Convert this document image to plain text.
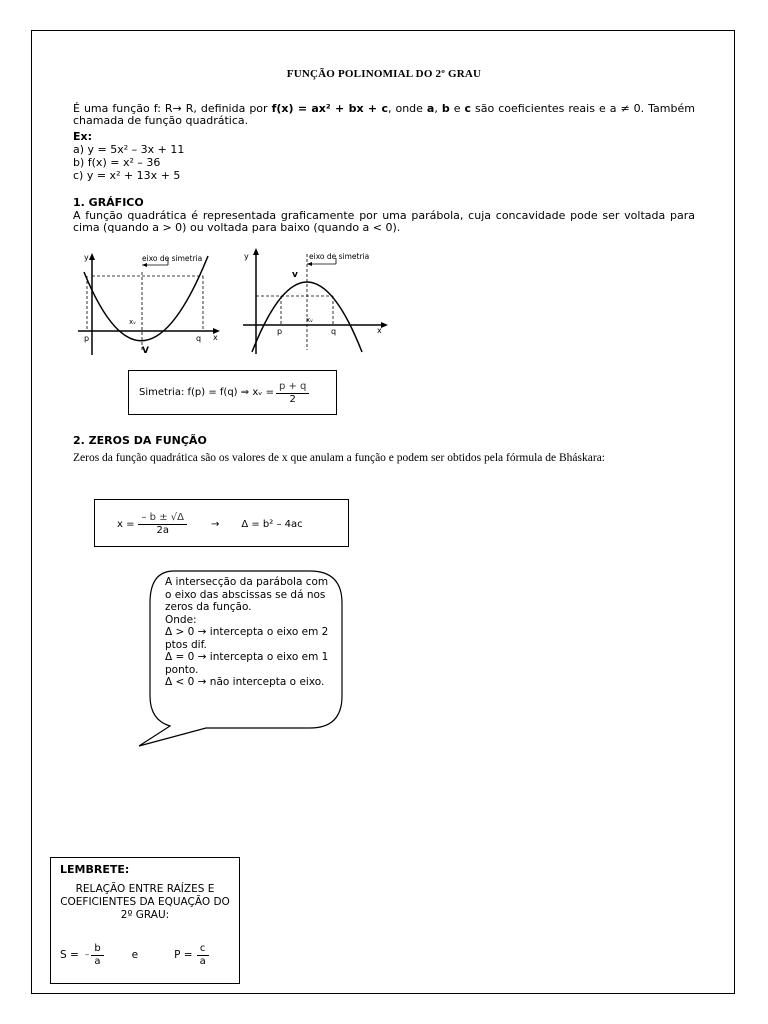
FUNÇÃO POLINOMIAL DO 2º GRAU
É uma função f: R→ R, definida por f(x) = ax² + bx + c, onde a, b e c são coeficientes reais e a ≠ 0. Também chamada de função quadrática.
Ex:
a) y = 5x² – 3x + 11
b) f(x) = x² – 36
c) y = x² + 13x + 5
1. GRÁFICO
A função quadrática é representada graficamente por uma parábola, cuja concavidade pode ser voltada para cima (quando a > 0) ou voltada para baixo (quando a < 0).
y
x
eixo de simetria
p	q
xᵥ
V
y
x
eixo de simetria
p	q
xᵥ
v
Simetria: f(p) = f(q) ⇒ xᵥ = $\frac{p + q}{2}$
2. ZEROS DA FUNÇÃO
Zeros da função quadrática são os valores de x que anulam a função e podem ser obtidos pela fórmula de Bháskara:
$x = \frac{- b \pm √\Delta}{2a} \to \Delta = b^2 - 4ac$
A intersecção da parábola com o eixo das abscissas se dá nos zeros da função.
Onde:
Δ > 0 → intercepta o eixo em 2 ptos dif.
Δ = 0 → intercepta o eixo em 1 ponto.
Δ < 0 → não intercepta o eixo.
LEMBRETE:
RELAÇÃO ENTRE RAÍZES E COEFICIENTES DA EQUAÇÃO DO 2º GRAU:
S = – $\frac{b}{a}$	e	$P = \frac{c}{a}$
